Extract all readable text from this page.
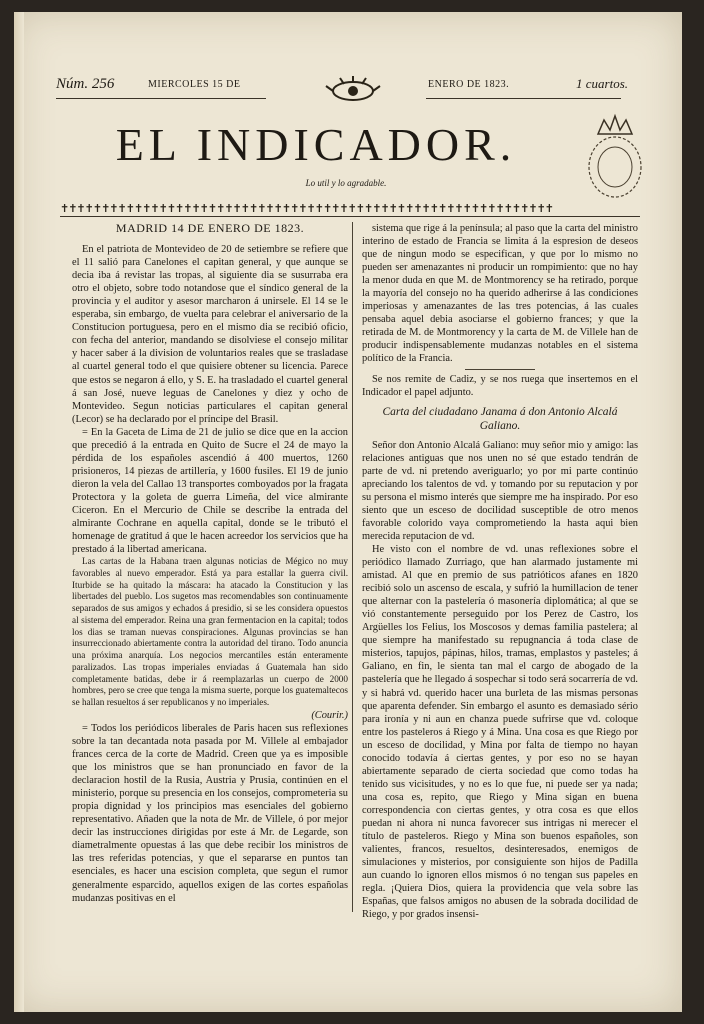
Núm. 256	MIERCOLES 15 DE	ENERO DE 1823.	1 cuartos.
EL INDICADOR.
Lo util y lo agradable.
✝✝✝✝✝✝✝✝✝✝✝✝✝✝✝✝✝✝✝✝✝✝✝✝✝✝✝✝✝✝✝✝✝✝✝✝✝✝✝✝✝✝✝✝✝✝✝✝✝✝✝✝✝✝✝✝✝✝✝✝

MADRID 14 DE ENERO DE 1823.

En el patriota de Montevideo de 20 de setiembre se refiere que el 11 salió para Canelones el capitan general, y que aunque se decia iba á revistar las tropas, al siguiente dia se susurraba era otro el objeto, sobre todo notandose que el síndico general de la provincia y el auditor y asesor marcharon á unirsele. El 14 se le esperaba, sin embargo, de vuelta para celebrar el aniversario de la Constitucion portuguesa, pero en el mismo dia se recibió oficio, con fecha del anterior, mandando se disolviese el consejo militar y hacer saber á la division de voluntarios reales que se trasladase al cuartel general todo el que quisiere obtener su licencia. Parece que estos se negaron á ello, y S. E. ha trasladado el cuartel general á san José, nueve leguas de Canelones y diez y ocho de Montevideo. Segun noticias particulares el capitan general (Lecor) se ha declarado por el príncipe del Brasil.

= En la Gaceta de Lima de 21 de julio se dice que en la accion que precedió á la entrada en Quito de Sucre el 24 de mayo la pérdida de los españoles ascendió á 400 muertos, 1260 prisioneros, 14 piezas de artillería, y 1600 fusiles. El 19 de junio dieron la vela del Callao 13 transportes comboyados por la fragata Protectora y la goleta de guerra Limeña, del vice almirante Ciceron. En el Mercurio de Chile se describe la entrada del almirante Cochrane en aquella capital, donde se le tributó el homenage de gratitud á que le hacen acreedor los servicios que ha prestado á la libertad americana.

Las cartas de la Habana traen algunas noticias de Mégico no muy favorables al nuevo emperador. Está ya para estallar la guerra civil. Iturbide se ha quitado la máscara: ha atacado la Constitucion y las libertades del pueblo. Los sugetos mas recomendables son continuamente separados de sus amigos y echados á presidio, si se les considera opuestos al sistema del emperador. Reina una gran fermentacion en la capital; todos los dias se traman nuevas conspiraciones. Algunas provincias se han insurreccionado abiertamente contra la autoridad del tirano. Todo anuncia una próxima anarquía. Los negocios mercantiles están enteramente paralizados. Las tropas imperiales enviadas á Guatemala han sido completamente batidas, debe ir á reemplazarlas un cuerpo de 2000 hombres, pero se cree que tenga la misma suerte, porque los guatemaltecos se hallan resueltos á ser republicanos y no imperiales.

(Courir.)

= Todos los periódicos liberales de Paris hacen sus reflexiones sobre la tan decantada nota pasada por M. Villele al embajador frances cerca de la corte de Madrid. Creen que ya es imposible que los ministros que se han pronunciado en favor de la declaracion hostil de la Rusia, Austria y Prusia, continúen en el ministerio, porque su presencia en los consejos, comprometeria su propia dignidad y los principios mas esenciales del gobierno representativo. Añaden que la nota de Mr. de Villele, ó por mejor decir las instrucciones dirigidas por este á Mr. de Legarde, son diametralmente opuestas á las que debe recibir los ministros de las tres referidas potencias, y que el separarse en puntos tan esenciales, es hacer una escision completa, que segun el rumor generalmente esparcido, aquellos exigen de las cortes españolas mudanzas positivas en el

sistema que rige á la península; al paso que la carta del ministro interino de estado de Francia se limita á la espresion de deseos que de ningun modo se especifican, y que por lo mismo no pueden ser amenazantes ni producir un rompimiento: que no hay la menor duda en que M. de Montmorency se ha retirado, porque la mayoría del consejo no ha querido adherirse á las condiciones imperiosas y amenazantes de las tres potencias, á las cuales pensaba aquel debia asociarse el gobierno frances; y que la retirada de M. de Montmorency y la carta de M. de Villele han de producir indispensablemente mudanzas notables en el sistema político de la Francia.

Se nos remite de Cadiz, y se nos ruega que insertemos en el Indicador el papel adjunto.

Carta del ciudadano Janama á don Antonio Alcalá Galiano.

Señor don Antonio Alcalá Galiano: muy señor mio y amigo: las relaciones antiguas que nos unen no sé que estado tendrán de parte de vd. ni pretendo averiguarlo; yo por mi parte continúo apreciando los talentos de vd. y tomando por su reputacion y por su persona el mismo interés que siempre me ha inspirado. Por eso siento que un esceso de docilidad susceptible de otro menos favorable colorido vaya comprometiendo la hasta aqui bien merecida reputacion de vd.

He visto con el nombre de vd. unas reflexiones sobre el periódico llamado Zurriago, que han alarmado justamente mi amistad. Al que en premio de sus patrióticos afanes en 1820 recibió solo un ascenso de escala, y sufrió la humillacion de tener que alternar con la pastelería ó masonería diplomática; al que se vió constantemente perseguido por los Perez de Castro, los Argüelles los Felius, los Moscosos y demas familia pastelera; al que siempre ha manifestado su repugnancia á toda clase de misterios, tapujos, pápinas, hilos, tramas, emplastos y pasteles; á Galiano, en fin, le sienta tan mal el cargo de abogado de la pastelería que he llegado á sospechar si todo será socarrería de vd. y si habrá vd. querido hacer una burleta de las mismas personas que aparenta defender. Sin embargo el asunto es demasiado sério para ironía y ni aun en chanza puede sufrirse que vd. coloque entre los pasteleros á Riego y á Mina. Una cosa es que Riego por un esceso de docilidad, y Mina por falta de tiempo no hayan conocido todavía á ciertas gentes, y por eso no se hayan abiertamente separado de cierta sociedad que como todas ha tenido sus vicisitudes, y no es lo que fue, ni puede ser ya nada; una cosa es, repito, que Riego y Mina sigan en buena correspondencia con ciertas gentes, y otra cosa es que ellos puedan ni ahora ni nunca favorecer sus intrigas ni merecer el título de pasteleros. Riego y Mina son buenos españoles, son valientes, francos, resueltos, desinteresados, enemigos de simulaciones y misterios, por consiguiente son hijos de Padilla aun cuando lo ignoren ellos mismos ó no tengan sus papeles en regla. ¡Quiera Dios, quiera la providencia que vela sobre las Españas, que falsos amigos no abusen de la sobrada docilidad de Riego, y por grados insensi-
